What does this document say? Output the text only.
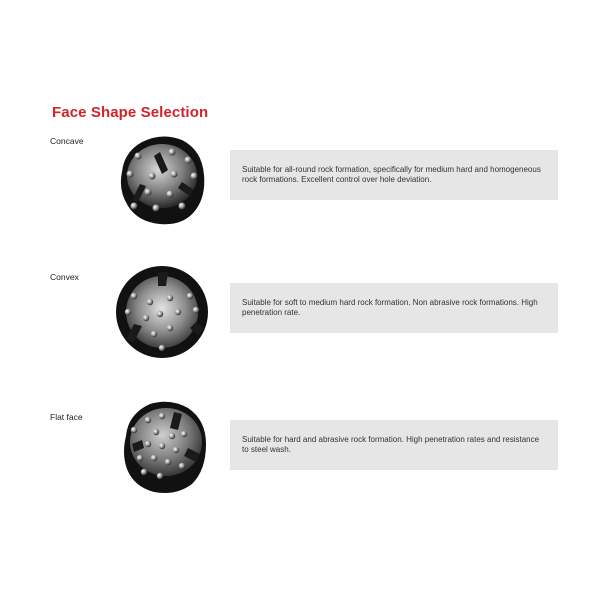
Face Shape Selection
Concave
Suitable for all-round rock formation, specifically for medium hard and homogeneous rock formations. Excellent control over hole deviation.
Convex
Suitable for soft to medium hard rock formation. Non abrasive rock formations. High penetration rate.
Flat face
Suitable for hard and abrasive rock formation. High penetration rates and resistance to steel wash.
